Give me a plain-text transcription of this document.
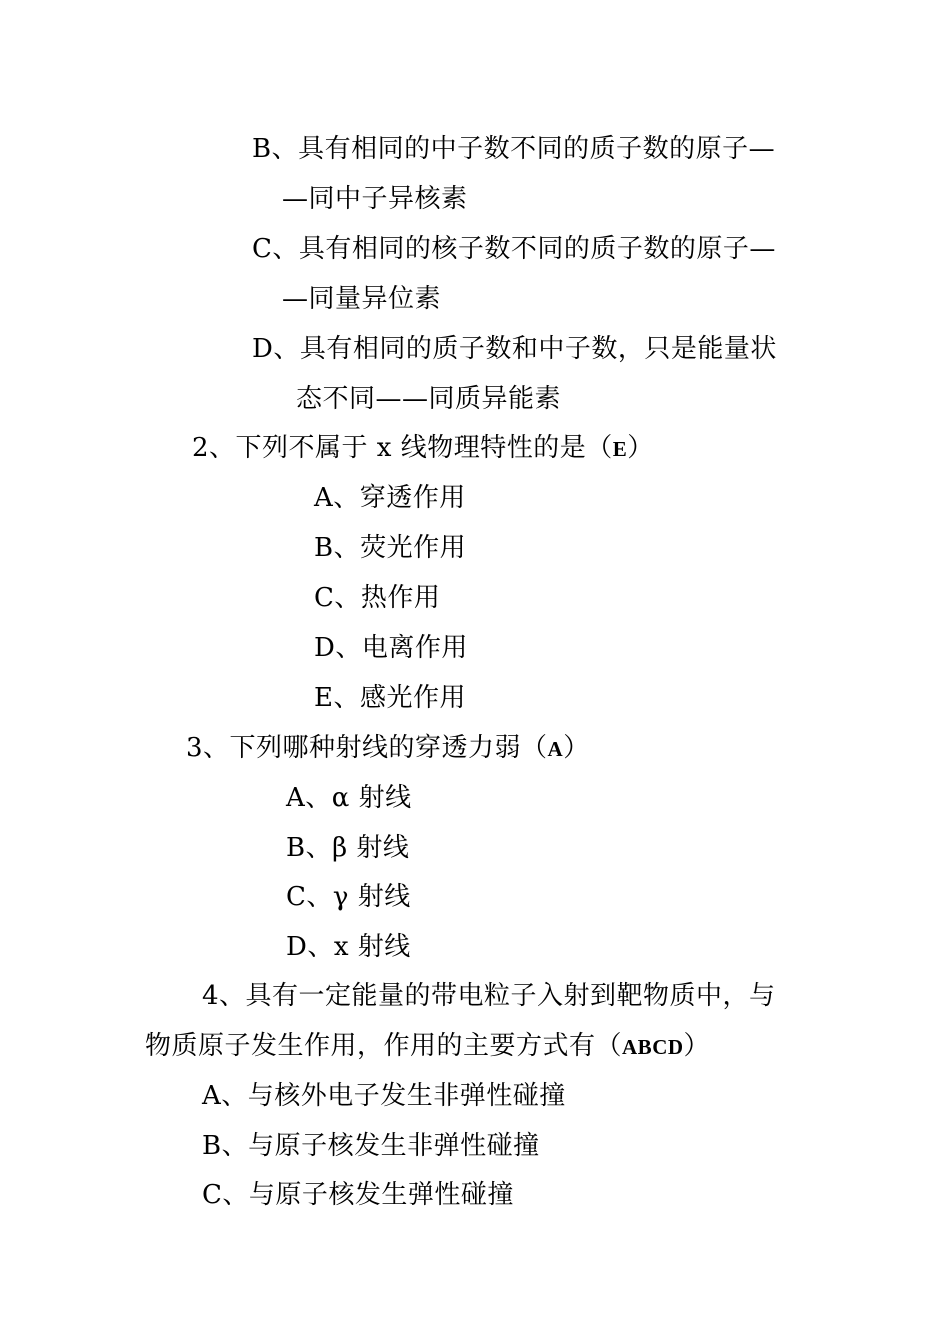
B、具有相同的中子数不同的质子数的原子—
—同中子异核素
C、具有相同的核子数不同的质子数的原子—
—同量异位素
D、具有相同的质子数和中子数，只是能量状
态不同——同质异能素
2、下列不属于 x 线物理特性的是（E）
A、穿透作用
B、荧光作用
C、热作用
D、电离作用
E、感光作用
3、下列哪种射线的穿透力弱（A）
A、α 射线
B、β 射线
C、γ 射线
D、x 射线
4、具有一定能量的带电粒子入射到靶物质中，与
物质原子发生作用，作用的主要方式有（ABCD）
A、与核外电子发生非弹性碰撞
B、与原子核发生非弹性碰撞
C、与原子核发生弹性碰撞
